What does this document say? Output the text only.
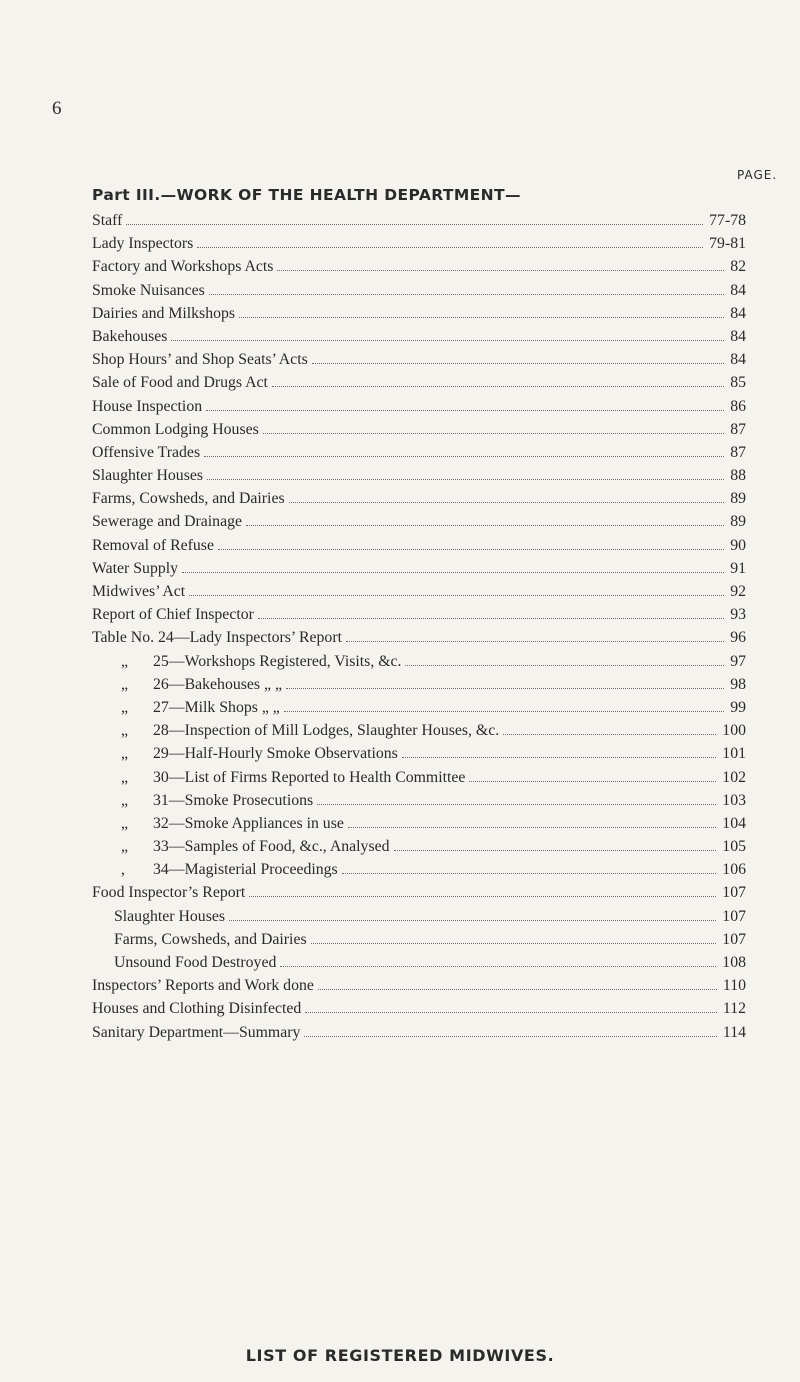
6
PAGE.
Part III.—WORK OF THE HEALTH DEPARTMENT—
Staff	77-78
Lady Inspectors	79-81
Factory and Workshops Acts	82
Smoke Nuisances	84
Dairies and Milkshops	84
Bakehouses	84
Shop Hours’ and Shop Seats’ Acts	84
Sale of Food and Drugs Act	85
House Inspection	86
Common Lodging Houses	87
Offensive Trades	87
Slaughter Houses	88
Farms, Cowsheds, and Dairies	89
Sewerage and Drainage	89
Removal of Refuse	90
Water Supply	91
Midwives’ Act	92
Report of Chief Inspector	93
Table No. 24—Lady Inspectors’ Report	96
„ 25—Workshops Registered, Visits, &c.	97
„ 26—Bakehouses „ „	98
„ 27—Milk Shops „ „	99
„ 28—Inspection of Mill Lodges, Slaughter Houses, &c.	100
„ 29—Half-Hourly Smoke Observations	101
„ 30—List of Firms Reported to Health Committee	102
„ 31—Smoke Prosecutions	103
„ 32—Smoke Appliances in use	104
„ 33—Samples of Food, &c., Analysed	105
, 34—Magisterial Proceedings	106
Food Inspector’s Report	107
Slaughter Houses	107
Farms, Cowsheds, and Dairies	107
Unsound Food Destroyed	108
Inspectors’ Reports and Work done	110
Houses and Clothing Disinfected	112
Sanitary Department—Summary	114
LIST OF REGISTERED MIDWIVES.
